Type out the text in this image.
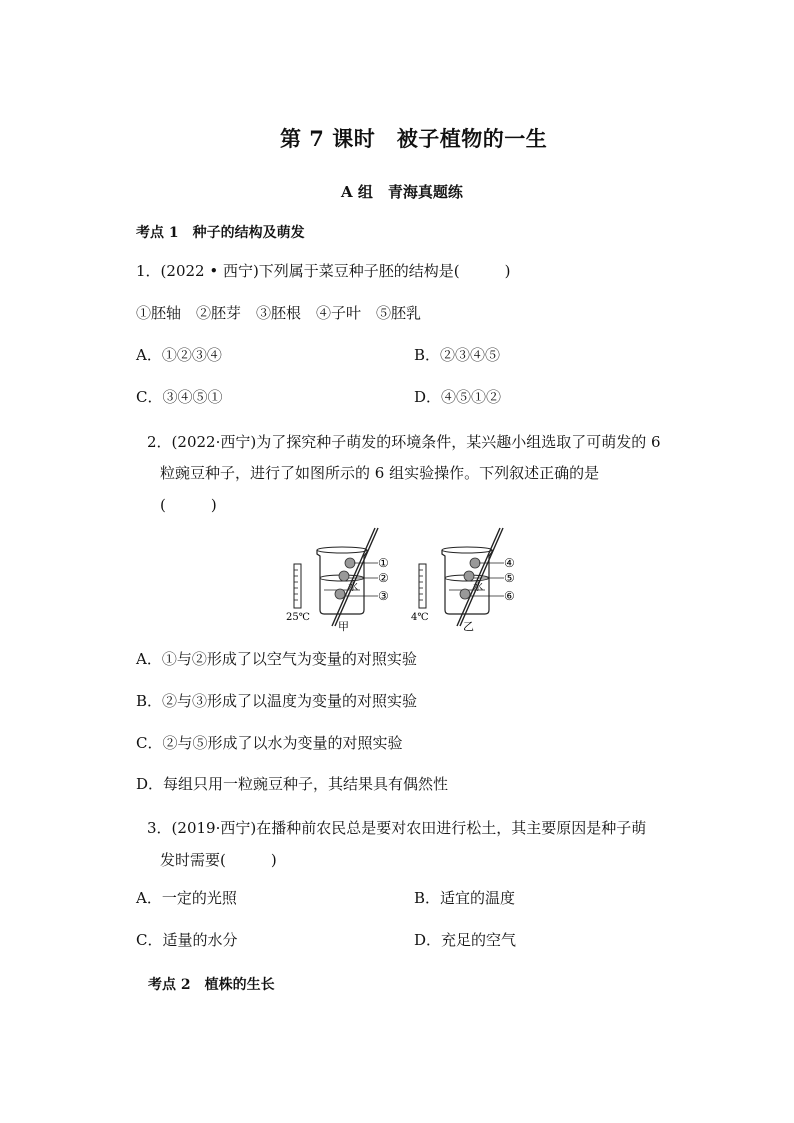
第 7 课时　被子植物的一生
A 组　青海真题练
考点 1　种子的结构及萌发
1．(2022 • 西宁)下列属于菜豆种子胚的结构是(　　　)
①胚轴　②胚芽　③胚根　④子叶　⑤胚乳
A．①②③④	B．②③④⑤
C．③④⑤①	D．④⑤①②
2．(2022·西宁)为了探究种子萌发的环境条件，某兴趣小组选取了可萌发的 6
粒豌豆种子，进行了如图所示的 6 组实验操作。下列叙述正确的是
(　　　)
25℃
水
①
②
③
甲
4℃
水
④
⑤
⑥
乙
A．①与②形成了以空气为变量的对照实验
B．②与③形成了以温度为变量的对照实验
C．②与⑤形成了以水为变量的对照实验
D．每组只用一粒豌豆种子，其结果具有偶然性
3．(2019·西宁)在播种前农民总是要对农田进行松土，其主要原因是种子萌
发时需要(　　　)
A．一定的光照	B．适宜的温度
C．适量的水分	D．充足的空气
考点 2　植株的生长
